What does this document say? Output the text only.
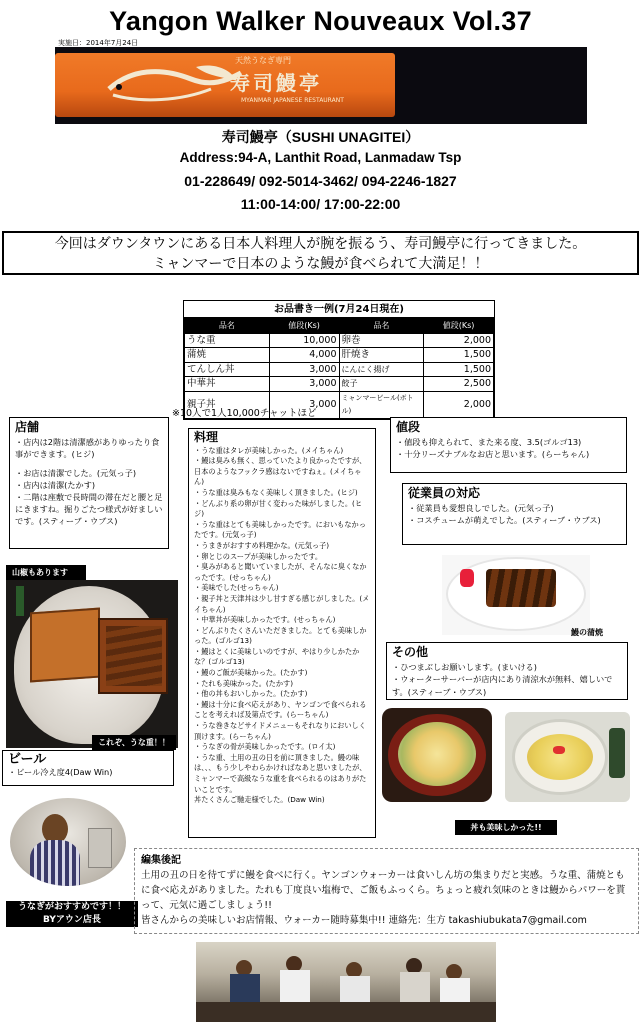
Yangon Walker Nouveaux Vol.37
実施日：2014年7月24日
天然うなぎ専門
寿司鰻亭
MYANMAR JAPANESE RESTAURANT
寿司鰻亭（SUSHI UNAGITEI）
Address:94-A, Lanthit Road, Lanmadaw Tsp
01-228649/ 092-5014-3462/ 094-2246-1827
11:00-14:00/ 17:00-22:00
今回はダウンタウンにある日本人料理人が腕を振るう、寿司鰻亭に行ってきました。
ミャンマーで日本のような鰻が食べられて大満足！！
お品書き一例(7月24日現在)
品名	値段(Ks)	品名	値段(Ks)
うな重	10,000	卵巻	2,000
蒲焼	4,000	肝焼き	1,500
てんしん丼	3,000	にんにく揚げ	1,500
中華丼	3,000	餃子	2,500
親子丼	3,000	ミャンマービール(ボトル)	2,000
※10人で1人10,000チャットほど
店舗
・店内は2階は清潔感がありゆったり食事ができます。(ヒジ)
・お店は清潔でした。(元気っ子)
・店内は清潔(たかす)
・二階は座敷で長時間の滞在だと腰と足にきますね。掘りごたつ様式が好ましいです。(スティーブ・ウブス)
料理
・うな重はタレが美味しかった。(メイちゃん)
・鰻は臭みも無く、思っていたより良かったですが、日本のようなフックラ感はないですねぇ。(メイちゃん)
・うな重は臭みもなく美味しく頂きました。(ヒジ)
・どんぶり系の卵が甘く変わった味がしました。(ヒジ)
・うな重はとても美味しかったです。においもなかったです。(元気っ子)
・うまきがおすすめ料理かな。(元気っ子)
・卵とじのスープが美味しかったです。
・臭みがあると聞いていましたが、そんなに臭くなかったです。(せっちゃん)
・美味でした(せっちゃん)
・親子丼と天津丼は少し甘すぎる感じがしました。(メイちゃん)
・中華丼が美味しかったです。(せっちゃん)
・どんぶりたくさんいただきました。とても美味しかった。(ゴルゴ13)
・鰻はとくに美味しいのですが、やはり少しかたかな？(ゴルゴ13)
・鰻のご飯が美味かった。(たかす)
・たれも美味かった。(たかす)
・他の丼もおいしかった。(たかす)
・鰻は十分に食べ応えがあり、ヤンゴンで食べられることを考えれば及第点です。(らーちゃん)
・うな巻きなどサイドメニューもそれなりにおいしく頂けます。(らーちゃん)
・うなぎの骨が美味しかったです。(ロイ太)
・うな重、土用の丑の日を前に頂きました。鰻の味は、、、もう少しやわらかければなあと思いましたが、ミャンマーで高級なうな重を食べられるのはありがたいことです。
丼たくさんご馳走様でした。(Daw Win)
値段
・値段も抑えられて、また来る度、3.5(ゴルゴ13)
・十分リーズナブルなお店と思います。(らーちゃん)
従業員の対応
・従業員も愛想良しでした。(元気っ子)
・コスチュームが萌えでした。(スティーブ・ウブス)
山椒もあります
これぞ、うな重！！
ビール
・ビール冷え度4(Daw Win)
うなぎがおすすめです！！
BYアウン店長
鰻の蒲焼
その他
・ひつまぶしお願いします。(まいける)
・ウォーターサーバーが店内にあり清涼水が無料、嬉しいです。(スティーブ・ウブス)
丼も美味しかった!!
編集後記
土用の丑の日を待てずに鰻を食べに行く。ヤンゴンウォーカーは食いしん坊の集まりだと実感。うな重、蒲焼ともに食べ応えがありました。たれも丁度良い塩梅で、ご飯もふっくら。ちょっと疲れ気味のときは鰻からパワーを貰って、元気に過ごしましょう!!
皆さんからの美味しいお店情報、ウォーカー随時募集中!! 連絡先：生方 takashiubukata7@gmail.com
